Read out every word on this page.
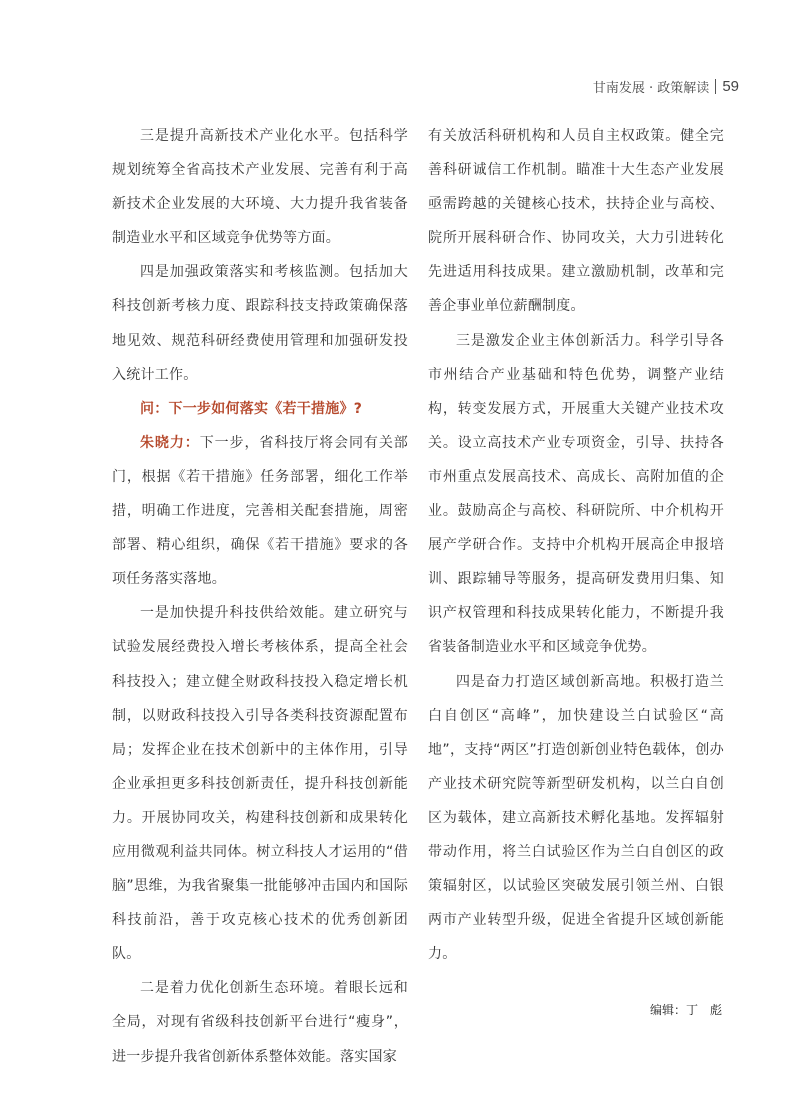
甘南发展 · 政策解读 59

三是提升高新技术产业化水平。包括科学规划统筹全省高技术产业发展、完善有利于高新技术企业发展的大环境、大力提升我省装备制造业水平和区域竞争优势等方面。

四是加强政策落实和考核监测。包括加大科技创新考核力度、跟踪科技支持政策确保落地见效、规范科研经费使用管理和加强研发投入统计工作。

问：下一步如何落实《若干措施》?

朱晓力：下一步，省科技厅将会同有关部门，根据《若干措施》任务部署，细化工作举措，明确工作进度，完善相关配套措施，周密部署、精心组织，确保《若干措施》要求的各项任务落实落地。

一是加快提升科技供给效能。建立研究与试验发展经费投入增长考核体系，提高全社会科技投入；建立健全财政科技投入稳定增长机制，以财政科技投入引导各类科技资源配置布局；发挥企业在技术创新中的主体作用，引导企业承担更多科技创新责任，提升科技创新能力。开展协同攻关，构建科技创新和成果转化应用微观利益共同体。树立科技人才运用的“借脑”思维，为我省聚集一批能够冲击国内和国际科技前沿，善于攻克核心技术的优秀创新团队。

二是着力优化创新生态环境。着眼长远和全局，对现有省级科技创新平台进行“瘦身”，进一步提升我省创新体系整体效能。落实国家

有关放活科研机构和人员自主权政策。健全完善科研诚信工作机制。瞄准十大生态产业发展亟需跨越的关键核心技术，扶持企业与高校、院所开展科研合作、协同攻关，大力引进转化先进适用科技成果。建立激励机制，改革和完善企事业单位薪酬制度。

三是激发企业主体创新活力。科学引导各市州结合产业基础和特色优势，调整产业结构，转变发展方式，开展重大关键产业技术攻关。设立高技术产业专项资金，引导、扶持各市州重点发展高技术、高成长、高附加值的企业。鼓励高企与高校、科研院所、中介机构开展产学研合作。支持中介机构开展高企申报培训、跟踪辅导等服务，提高研发费用归集、知识产权管理和科技成果转化能力，不断提升我省装备制造业水平和区域竞争优势。

四是奋力打造区域创新高地。积极打造兰白自创区“高峰”，加快建设兰白试验区“高地”，支持“两区”打造创新创业特色载体，创办产业技术研究院等新型研发机构，以兰白自创区为载体，建立高新技术孵化基地。发挥辐射带动作用，将兰白试验区作为兰白自创区的政策辐射区，以试验区突破发展引领兰州、白银两市产业转型升级，促进全省提升区域创新能力。

编辑：丁　彪
